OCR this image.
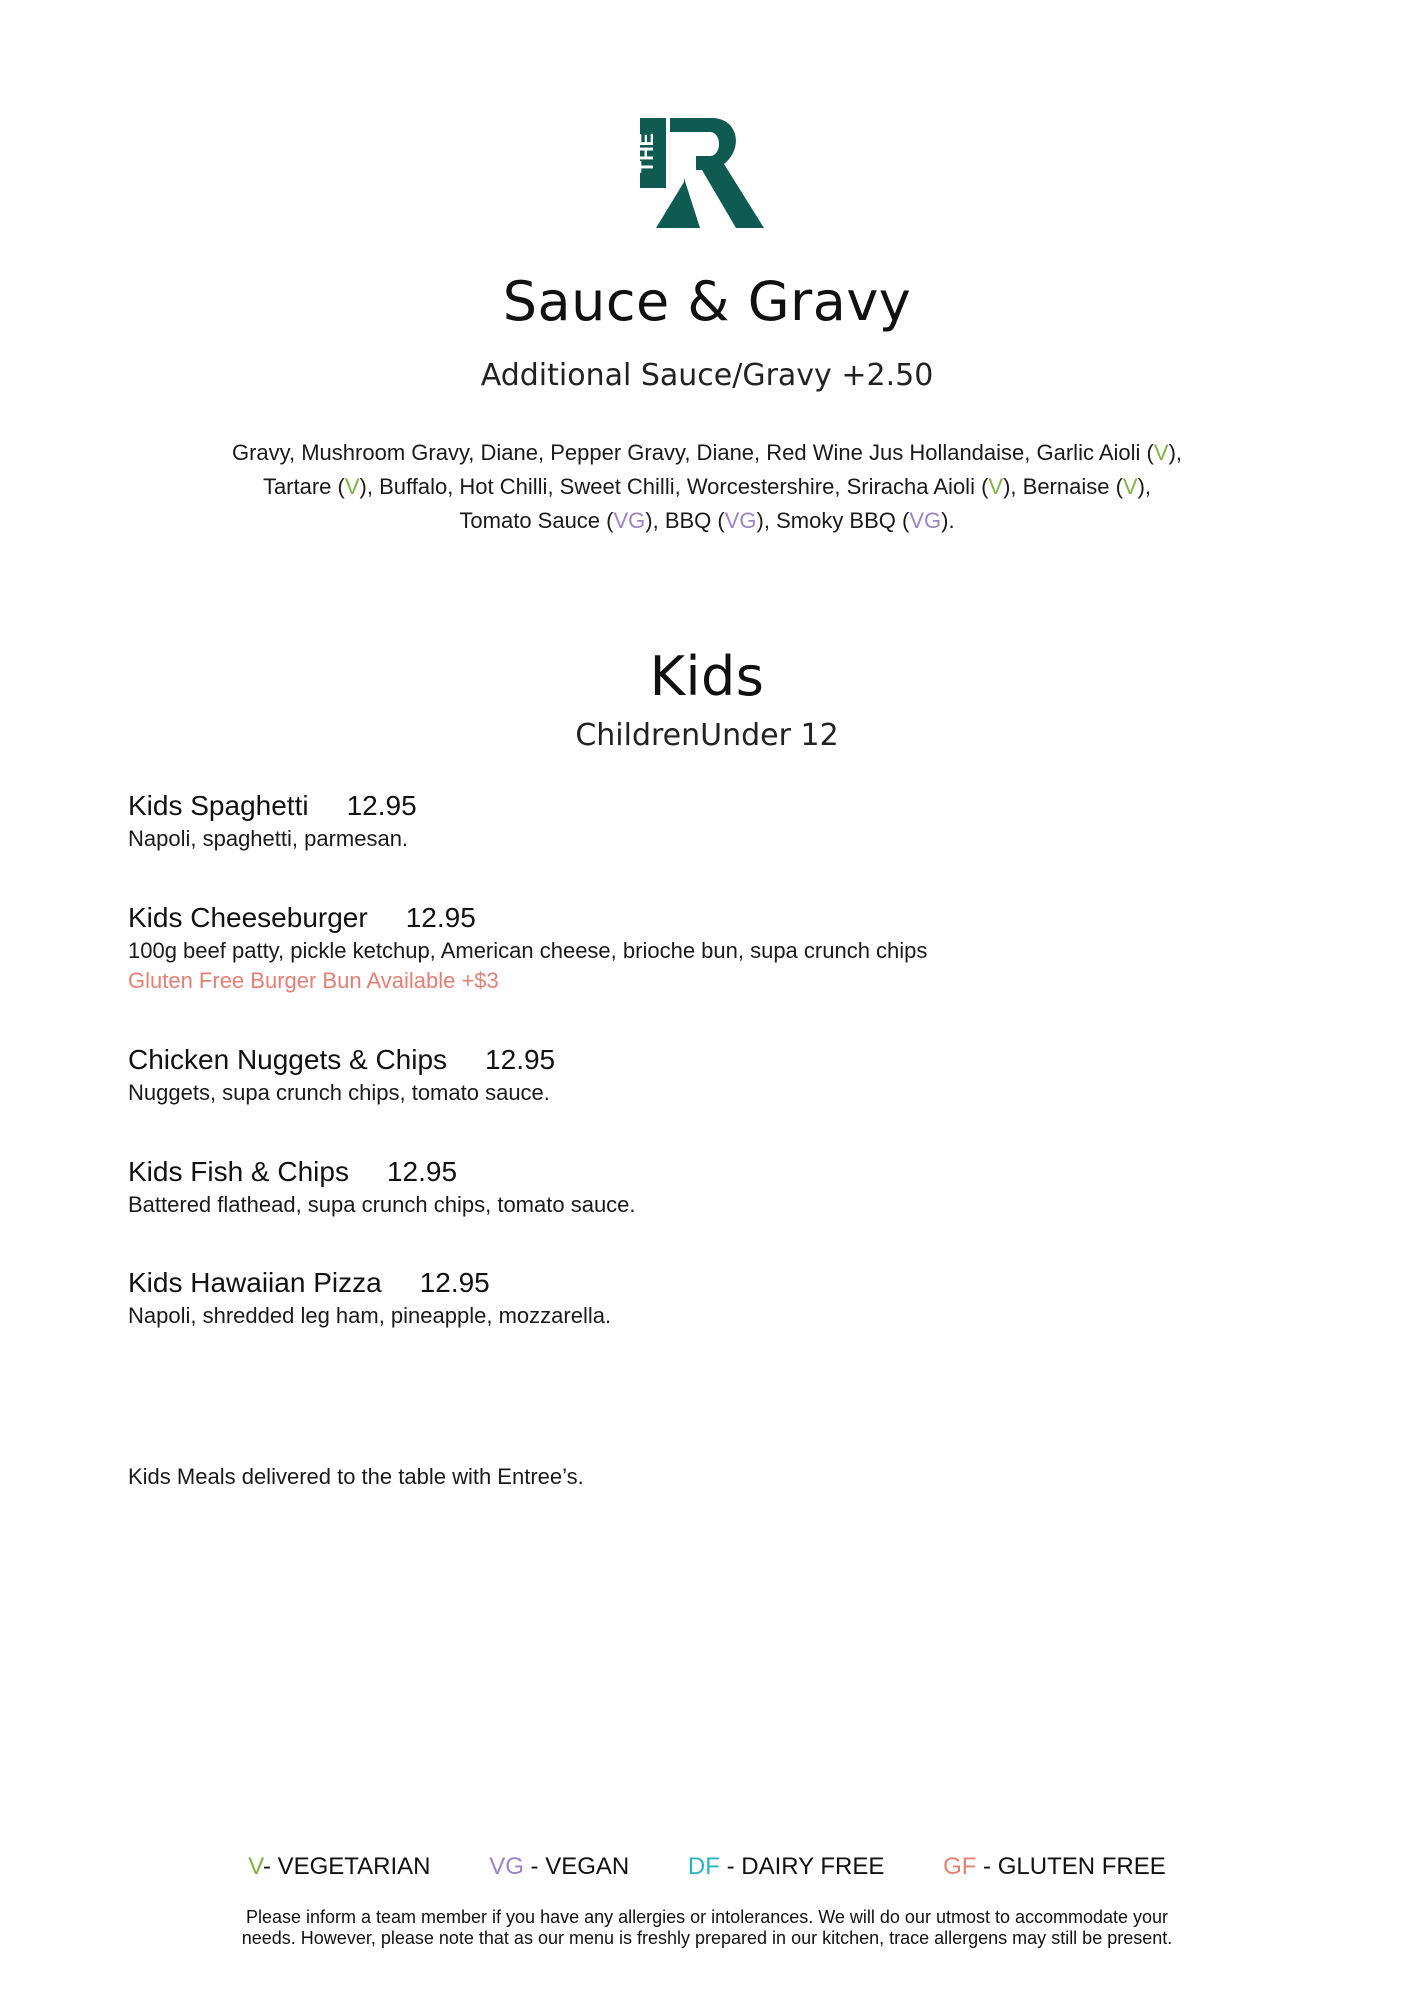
THE
Sauce & Gravy
Additional Sauce/Gravy +2.50
Gravy, Mushroom Gravy, Diane, Pepper Gravy, Diane, Red Wine Jus Hollandaise, Garlic Aioli (V),
Tartare (V), Buffalo, Hot Chilli, Sweet Chilli, Worcestershire, Sriracha Aioli (V), Bernaise (V),
Tomato Sauce (VG), BBQ (VG), Smoky BBQ (VG).
Kids
ChildrenUnder 12
Kids Spaghetti 12.95
Napoli, spaghetti, parmesan.
Kids Cheeseburger 12.95
100g beef patty, pickle ketchup, American cheese, brioche bun, supa crunch chips
Gluten Free Burger Bun Available +$3
Chicken Nuggets & Chips 12.95
Nuggets, supa crunch chips, tomato sauce.
Kids Fish & Chips 12.95
Battered flathead, supa crunch chips, tomato sauce.
Kids Hawaiian Pizza 12.95
Napoli, shredded leg ham, pineapple, mozzarella.
Kids Meals delivered to the table with Entree’s.
V- VEGETARIAN VG - VEGAN DF - DAIRY FREE GF - GLUTEN FREE
Please inform a team member if you have any allergies or intolerances. We will do our utmost to accommodate your
needs. However, please note that as our menu is freshly prepared in our kitchen, trace allergens may still be present.
